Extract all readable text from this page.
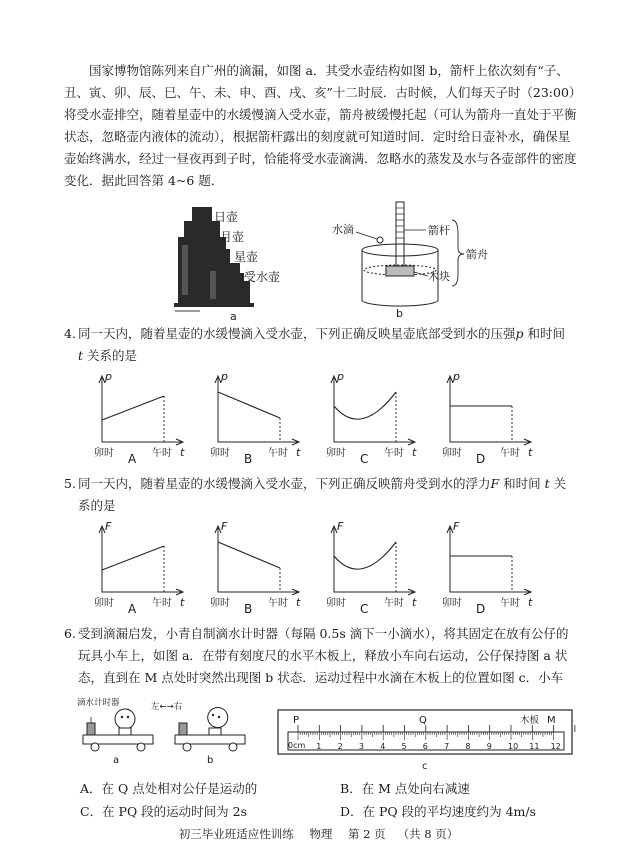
国家博物馆陈列来自广州的滴漏，如图 a．其受水壶结构如图 b，箭杆上依次刻有“子、

丑、寅、卯、辰、巳、午、未、申、酉、戌、亥”十二时辰．古时候，人们每天子时（23:00）

将受水壶排空，随着星壶中的水缓慢滴入受水壶，箭舟被缓慢托起（可认为箭舟一直处于平衡

状态，忽略壶内液体的流动），根据箭杆露出的刻度就可知道时间．定时给日壶补水，确保星

壶始终满水，经过一昼夜再到子时，恰能将受水壶滴满．忽略水的蒸发及水与各壶部件的密度

变化．据此回答第 4~6 题．

日壶
月壶
星壶
受水壶
a
水滴	箭杆
箭舟
木块
b
4. 同一天内，随着星壶的水缓慢滴入受水壶，下列正确反映星壶底部受到水的压强p 和时间
t 关系的是
p
t
卯时	午时
A
p
t
卯时	午时
B
p
t
卯时	午时
C
p
t
卯时	午时
D
5. 同一天内，随着星壶的水缓慢滴入受水壶，下列正确反映箭舟受到水的浮力F 和时间 t 关
系的是
F
t
卯时	午时
A
F
t
卯时	午时
B
F
t
卯时	午时
C
F
t
卯时	午时
D
6. 受到滴漏启发，小青自制滴水计时器（每隔 0.5s 滴下一小滴水），将其固定在放有公仔的
玩具小车上，如图 a．在带有刻度尺的水平木板上，释放小车向右运动，公仔保持图 a 状
态，直到在 M 点处时突然出现图 b 状态．运动过程中水滴在木板上的位置如图 c．小车
滴水计时器	左←→右
a	b
1 2 3 4 5 6 7 8 9 10 11 12
P	Q	木板 M
0cm
c
A．在 Q 点处相对公仔是运动的	B．在 M 点处向右减速
C．在 PQ 段的运动时间为 2s	D．在 PQ 段的平均速度约为 4m/s
初三毕业班适应性训练 物理 第 2 页 （共 8 页）
